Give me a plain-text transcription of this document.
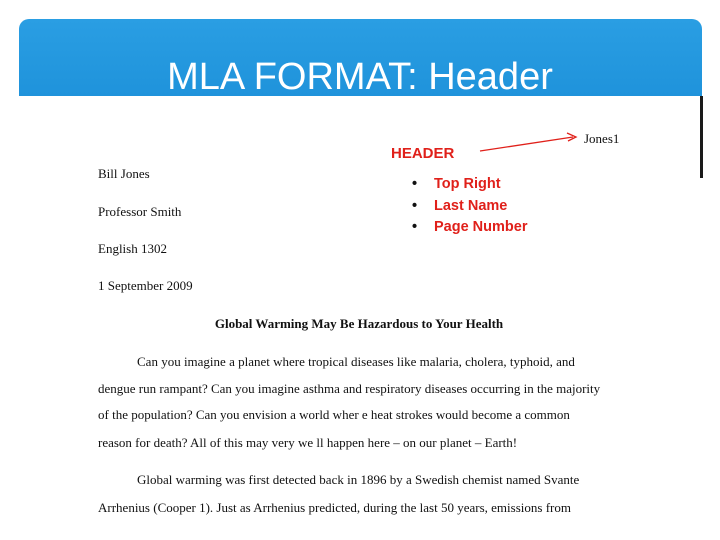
MLA FORMAT: Header
Jones1
HEADER
• Top Right
• Last Name
• Page Number
Bill Jones
Professor Smith
English 1302
1 September 2009
Global Warming May Be Hazardous to Your Health
Can you imagine a planet where tropical diseases like malaria, cholera, typhoid, and
dengue run rampant? Can you imagine asthma and respiratory diseases occurring in the majority
of the population? Can you envision a world wher e heat strokes would become a common
reason for death? All of this may very we ll happen here – on our planet – Earth!
Global warming was first detected back in 1896 by a Swedish chemist named Svante
Arrhenius (Cooper 1). Just as Arrhenius predicted, during the last 50 years, emissions from
